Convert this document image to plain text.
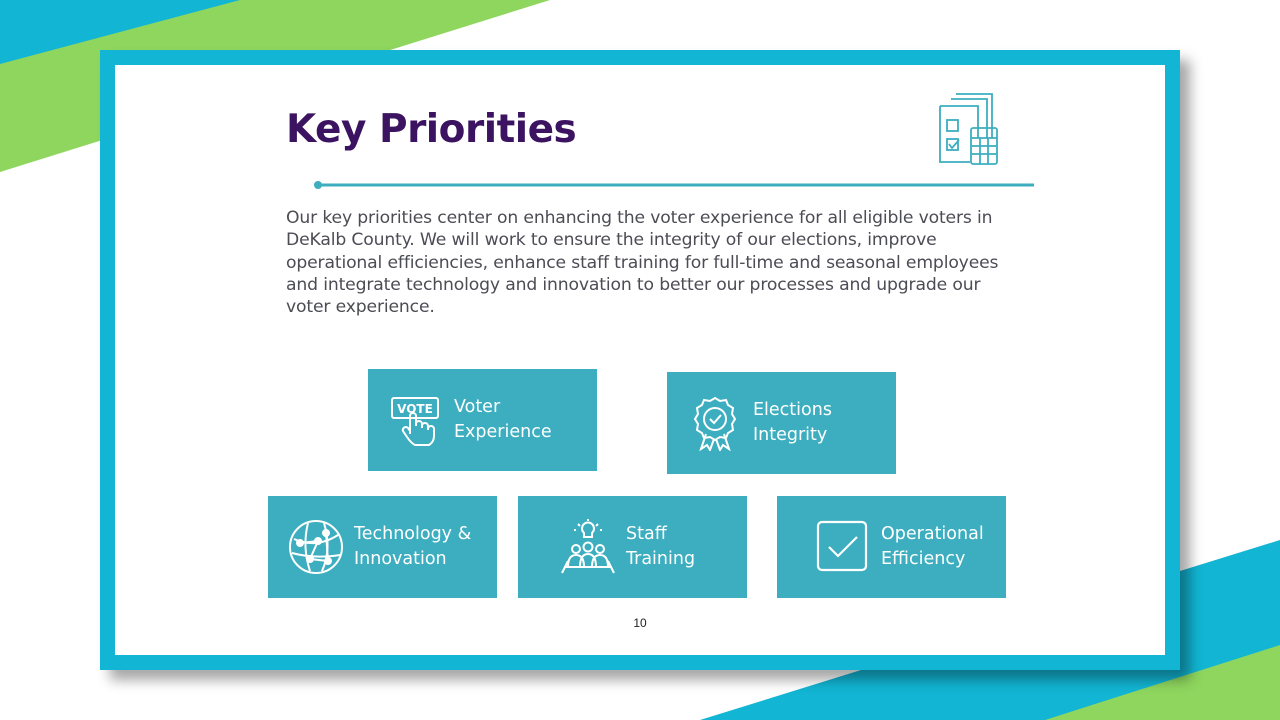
Key Priorities

Our key priorities center on enhancing the voter experience for all eligible voters in DeKalb County. We will work to ensure the integrity of our elections, improve operational efficiencies, enhance staff training for full-time and seasonal employees and integrate technology and innovation to better our processes and upgrade our voter experience.

VOTE Voter
Experience
Elections
Integrity
Technology &
Innovation
Staff
Training
Operational
Efficiency
10
